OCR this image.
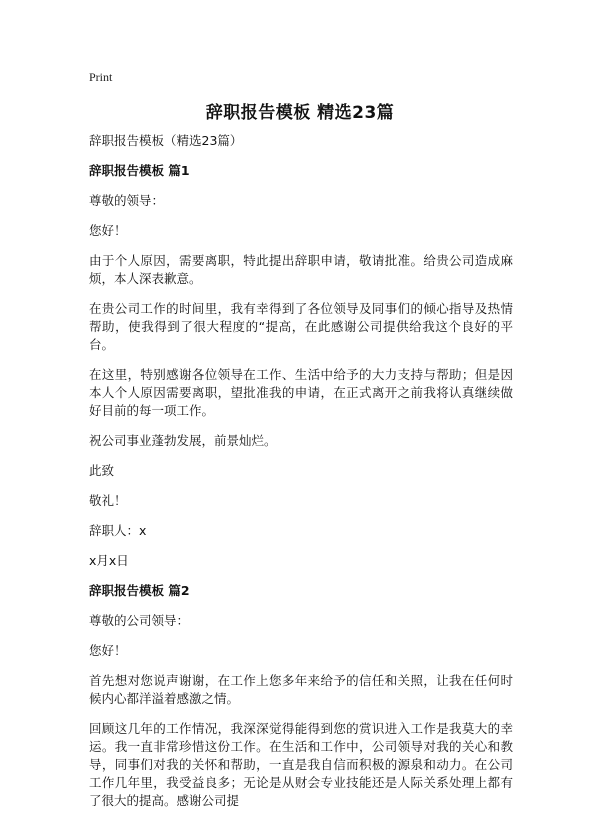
Print
辞职报告模板 精选23篇

辞职报告模板（精选23篇）

辞职报告模板 篇1

尊敬的领导：

您好！

由于个人原因，需要离职，特此提出辞职申请，敬请批准。给贵公司造成麻烦，本人深表歉意。

在贵公司工作的时间里，我有幸得到了各位领导及同事们的倾心指导及热情帮助，使我得到了很大程度的“提高，在此感谢公司提供给我这个良好的平台。

在这里，特别感谢各位领导在工作、生活中给予的大力支持与帮助；但是因本人个人原因需要离职，望批准我的申请，在正式离开之前我将认真继续做好目前的每一项工作。

祝公司事业蓬勃发展，前景灿烂。

此致

敬礼！

辞职人：x

x月x日

辞职报告模板 篇2

尊敬的公司领导：

您好！

首先想对您说声谢谢，在工作上您多年来给予的信任和关照，让我在任何时候内心都洋溢着感激之情。

回顾这几年的工作情况，我深深觉得能得到您的赏识进入工作是我莫大的幸运。我一直非常珍惜这份工作。在生活和工作中，公司领导对我的关心和教导，同事们对我的关怀和帮助，一直是我自信而积极的源泉和动力。在公司工作几年里，我受益良多；无论是从财会专业技能还是人际关系处理上都有了很大的提高。感谢公司提
